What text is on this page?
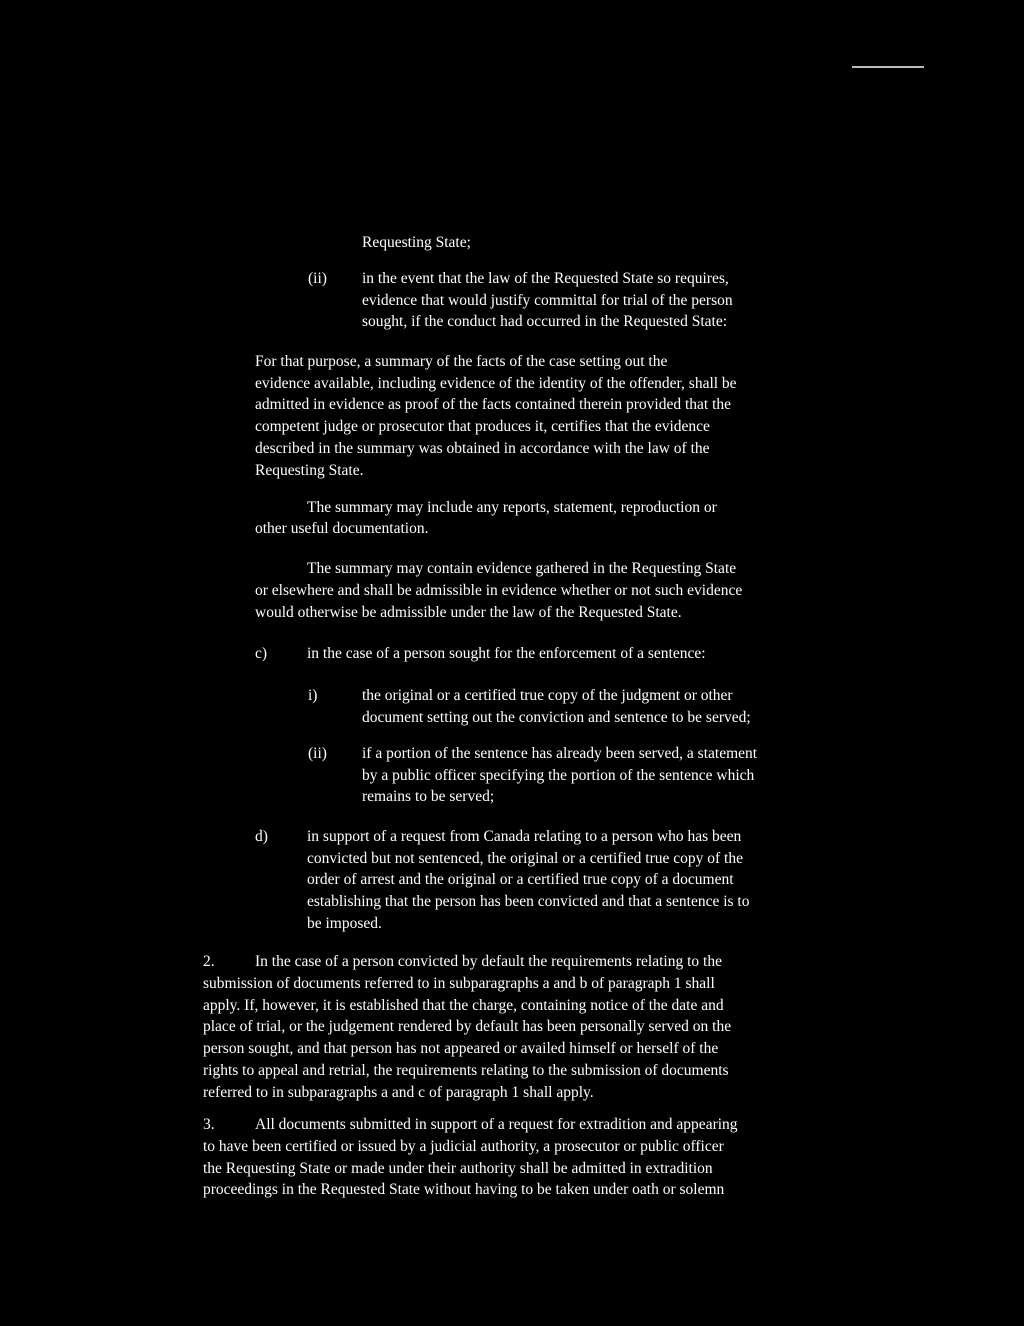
Requesting State;
(ii) in the event that the law of the Requested State so requires,
evidence that would justify committal for trial of the person
sought, if the conduct had occurred in the Requested State:
For that purpose, a summary of the facts of the case setting out the
evidence available, including evidence of the identity of the offender, shall be
admitted in evidence as proof of the facts contained therein provided that the
competent judge or prosecutor that produces it, certifies that the evidence
described in the summary was obtained in accordance with the law of the
Requesting State.
The summary may include any reports, statement, reproduction or
other useful documentation.
The summary may contain evidence gathered in the Requesting State
or elsewhere and shall be admissible in evidence whether or not such evidence
would otherwise be admissible under the law of the Requested State.
c)	in the case of a person sought for the enforcement of a sentence:
i)	the original or a certified true copy of the judgment or other
document setting out the conviction and sentence to be served;
(ii) if a portion of the sentence has already been served, a statement
by a public officer specifying the portion of the sentence which
remains to be served;
d)	in support of a request from Canada relating to a person who has been
convicted but not sentenced, the original or a certified true copy of the
order of arrest and the original or a certified true copy of a document
establishing that the person has been convicted and that a sentence is to
be imposed.
2.	In the case of a person convicted by default the requirements relating to the
submission of documents referred to in subparagraphs a and b of paragraph 1 shall
apply. If, however, it is established that the charge, containing notice of the date and
place of trial, or the judgement rendered by default has been personally served on the
person sought, and that person has not appeared or availed himself or herself of the
rights to appeal and retrial, the requirements relating to the submission of documents
referred to in subparagraphs a and c of paragraph 1 shall apply.
3.	All documents submitted in support of a request for extradition and appearing
to have been certified or issued by a judicial authority, a prosecutor or public officer
the Requesting State or made under their authority shall be admitted in extradition
proceedings in the Requested State without having to be taken under oath or solemn
